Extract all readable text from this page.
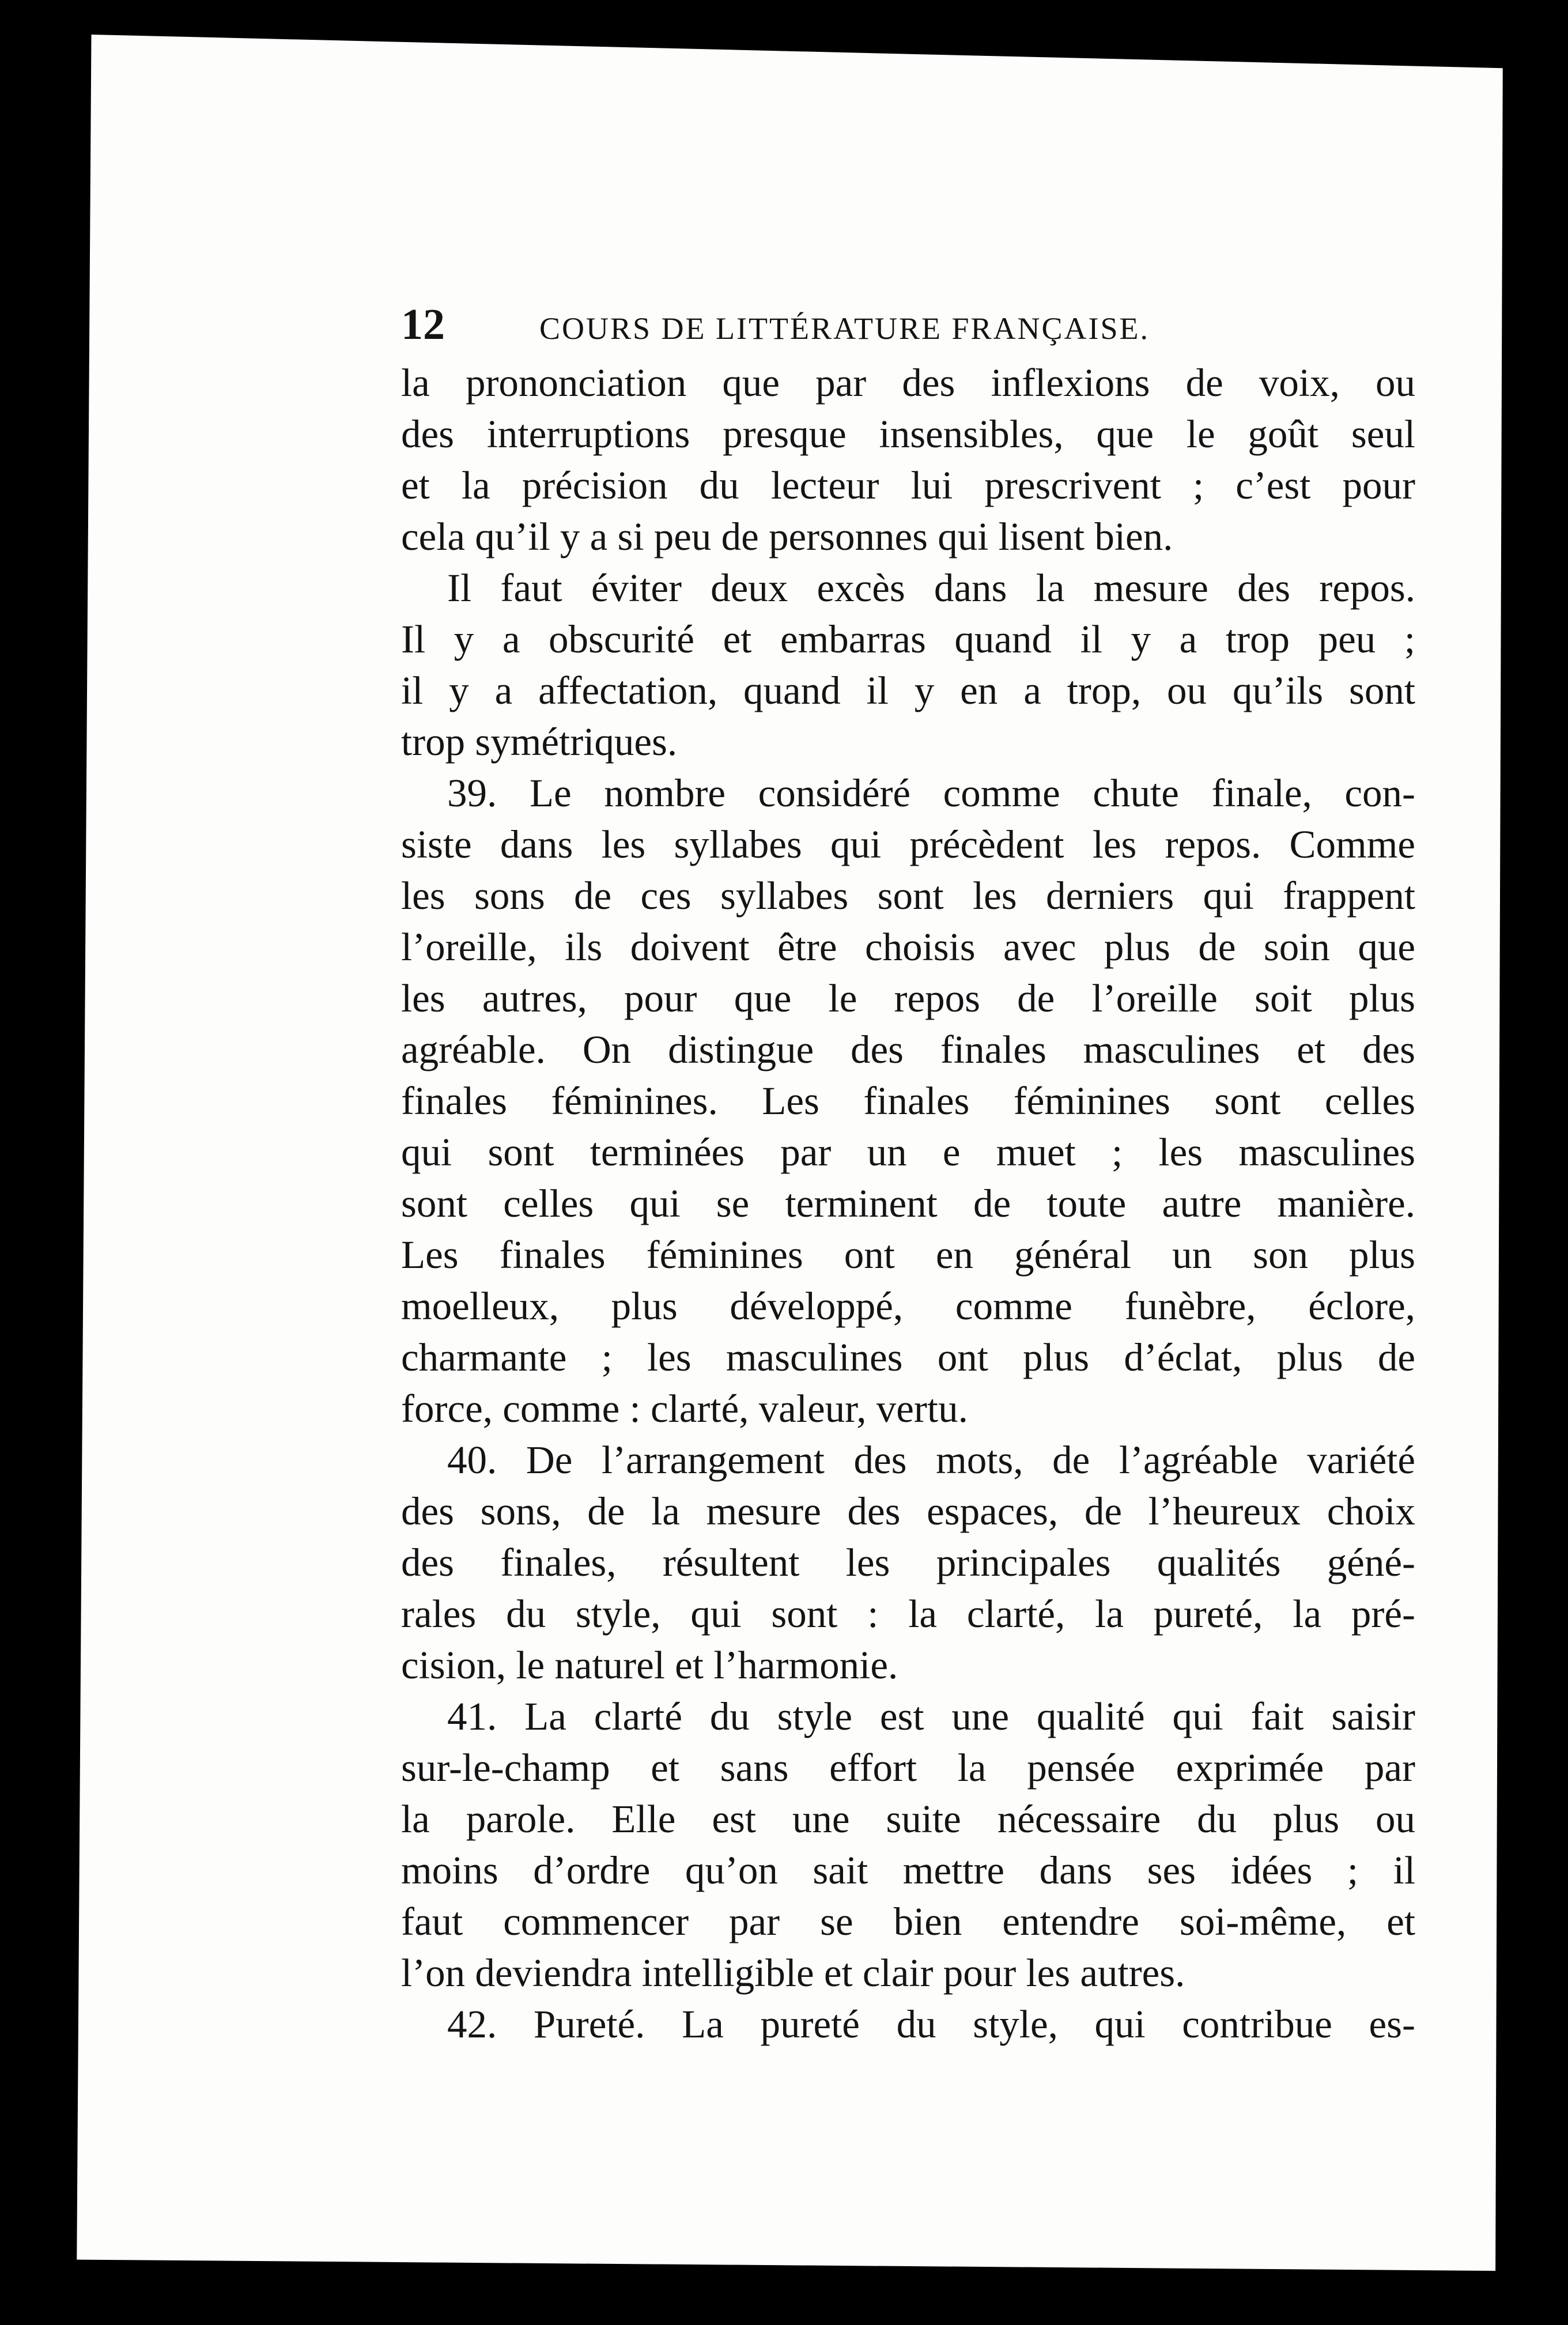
12	COURS DE LITTÉRATURE FRANÇAISE.

la prononciation que par des inflexions de voix, ou
des interruptions presque insensibles, que le goût seul
et la précision du lecteur lui prescrivent ; c’est pour
cela qu’il y a si peu de personnes qui lisent bien.

Il faut éviter deux excès dans la mesure des repos.
Il y a obscurité et embarras quand il y a trop peu ;
il y a affectation, quand il y en a trop, ou qu’ils sont
trop symétriques.

39. Le nombre considéré comme chute finale, con-
siste dans les syllabes qui précèdent les repos. Comme
les sons de ces syllabes sont les derniers qui frappent
l’oreille, ils doivent être choisis avec plus de soin que
les autres, pour que le repos de l’oreille soit plus
agréable. On distingue des finales masculines et des
finales féminines. Les finales féminines sont celles
qui sont terminées par un e muet ; les masculines
sont celles qui se terminent de toute autre manière.
Les finales féminines ont en général un son plus
moelleux, plus développé, comme funèbre, éclore,
charmante ; les masculines ont plus d’éclat, plus de
force, comme : clarté, valeur, vertu.

40. De l’arrangement des mots, de l’agréable variété
des sons, de la mesure des espaces, de l’heureux choix
des finales, résultent les principales qualités géné-
rales du style, qui sont : la clarté, la pureté, la pré-
cision, le naturel et l’harmonie.

41. La clarté du style est une qualité qui fait saisir
sur-le-champ et sans effort la pensée exprimée par
la parole. Elle est une suite nécessaire du plus ou
moins d’ordre qu’on sait mettre dans ses idées ; il
faut commencer par se bien entendre soi-même, et
l’on deviendra intelligible et clair pour les autres.

42. Pureté. La pureté du style, qui contribue es-
